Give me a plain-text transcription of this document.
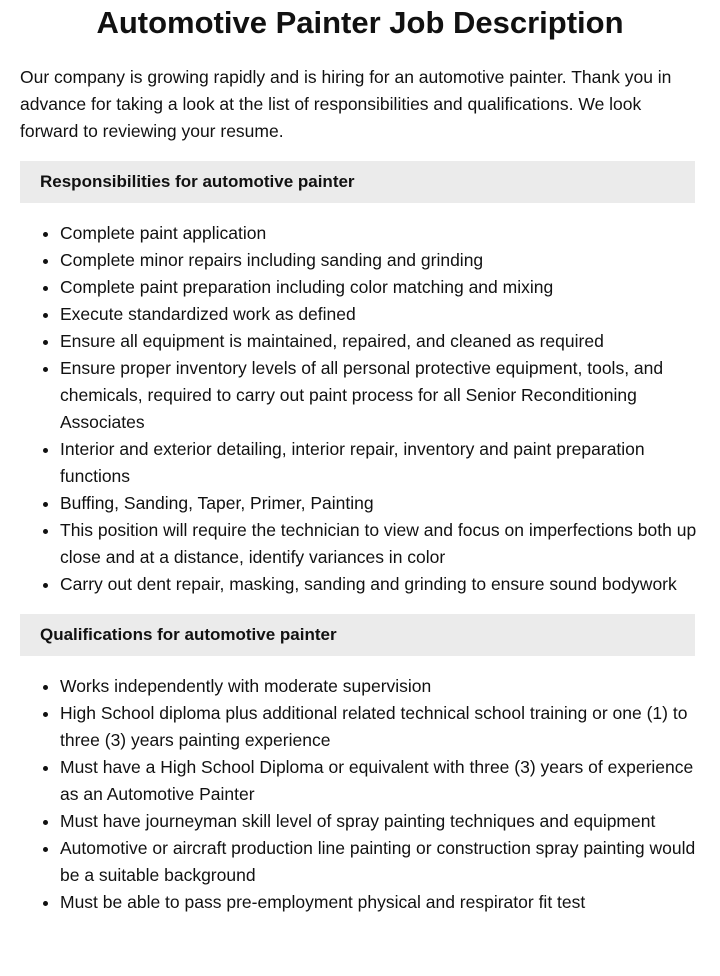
Automotive Painter Job Description

Our company is growing rapidly and is hiring for an automotive painter. Thank you in advance for taking a look at the list of responsibilities and qualifications. We look forward to reviewing your resume.

Responsibilities for automotive painter
• Complete paint application
• Complete minor repairs including sanding and grinding
• Complete paint preparation including color matching and mixing
• Execute standardized work as defined
• Ensure all equipment is maintained, repaired, and cleaned as required
• Ensure proper inventory levels of all personal protective equipment, tools, and chemicals, required to carry out paint process for all Senior Reconditioning Associates
• Interior and exterior detailing, interior repair, inventory and paint preparation functions
• Buffing, Sanding, Taper, Primer, Painting
• This position will require the technician to view and focus on imperfections both up close and at a distance, identify variances in color
• Carry out dent repair, masking, sanding and grinding to ensure sound bodywork
Qualifications for automotive painter
• Works independently with moderate supervision
• High School diploma plus additional related technical school training or one (1) to three (3) years painting experience
• Must have a High School Diploma or equivalent with three (3) years of experience as an Automotive Painter
• Must have journeyman skill level of spray painting techniques and equipment
• Automotive or aircraft production line painting or construction spray painting would be a suitable background
• Must be able to pass pre-employment physical and respirator fit test
